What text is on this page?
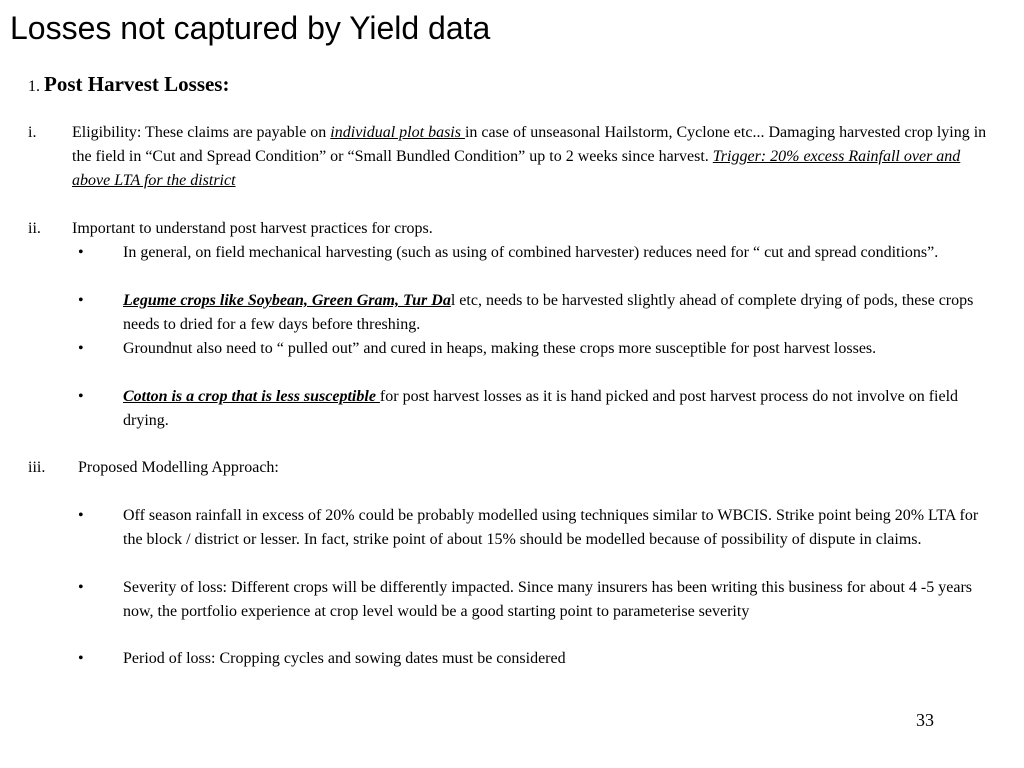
Losses not captured by Yield data
1. Post Harvest Losses:
i. Eligibility: These claims are payable on individual plot basis in case of unseasonal Hailstorm, Cyclone etc... Damaging harvested crop lying in the field in “Cut and Spread Condition” or “Small Bundled Condition” up to 2 weeks since harvest. Trigger: 20% excess Rainfall over and above LTA for the district
ii. Important to understand post harvest practices for crops.
• In general, on field mechanical harvesting (such as using of combined harvester) reduces need for “ cut and spread conditions”.
• Legume crops like Soybean, Green Gram, Tur Dal etc, needs to be harvested slightly ahead of complete drying of pods, these crops needs to dried for a few days before threshing.
• Groundnut also need to “ pulled out” and cured in heaps, making these crops more susceptible for post harvest losses.
• Cotton is a crop that is less susceptible for post harvest losses as it is hand picked and post harvest process do not involve on field drying.
iii. Proposed Modelling Approach:
• Off season rainfall in excess of 20% could be probably modelled using techniques similar to WBCIS. Strike point being 20% LTA for the block / district or lesser. In fact, strike point of about 15% should be modelled because of possibility of dispute in claims.
• Severity of loss: Different crops will be differently impacted. Since many insurers has been writing this business for about 4 -5 years now, the portfolio experience at crop level would be a good starting point to parameterise severity
• Period of loss: Cropping cycles and sowing dates must be considered
33
